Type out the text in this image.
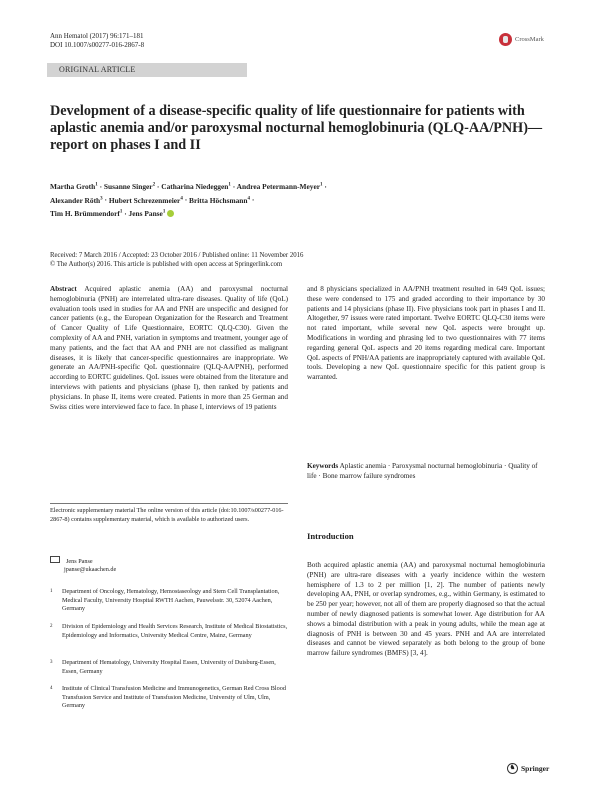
Ann Hematol (2017) 96:171–181
DOI 10.1007/s00277-016-2867-8
CrossMark
ORIGINAL ARTICLE
Development of a disease-specific quality of life questionnaire for patients with aplastic anemia and/or paroxysmal nocturnal hemoglobinuria (QLQ-AA/PNH)—report on phases I and II
Martha Groth$^1$ · Susanne Singer$^2$ · Catharina Niedeggen$^1$ · Andrea Petermann-Meyer$^1$ ·
Alexander Röth$^3$ · Hubert Schrezenmeier$^4$ · Britta Höchsmann$^4$ ·
Tim H. Brümmendorf$^1$ · Jens Panse$^1$
Received: 7 March 2016 / Accepted: 23 October 2016 / Published online: 11 November 2016
© The Author(s) 2016. This article is published with open access at Springerlink.com

Abstract Acquired aplastic anemia (AA) and paroxysmal nocturnal hemoglobinuria (PNH) are interrelated ultra-rare diseases. Quality of life (QoL) evaluation tools used in studies for AA and PNH are unspecific and designed for cancer patients (e.g., the European Organization for the Research and Treatment of Cancer Quality of Life Questionnaire, EORTC QLQ-C30). Given the complexity of AA and PNH, variation in symptoms and treatment, younger age of many patients, and the fact that AA and PNH are not classified as malignant diseases, it is likely that cancer-specific questionnaires are inappropriate. We generate an AA/PNH-specific QoL questionnaire (QLQ-AA/PNH), performed according to EORTC guidelines. QoL issues were obtained from the literature and interviews with patients and physicians (phase I), then ranked by patients and physicians. In phase II, items were created. Patients in more than 25 German and Swiss cities were interviewed face to face. In phase I, interviews of 19 patients

and 8 physicians specialized in AA/PNH treatment resulted in 649 QoL issues; these were condensed to 175 and graded according to their importance by 30 patients and 14 physicians (phase II). Five physicians took part in phases I and II. Altogether, 97 issues were rated important. Twelve EORTC QLQ-C30 items were not rated important, while several new QoL aspects were brought up. Modifications in wording and phrasing led to two questionnaires with 77 items regarding general QoL aspects and 20 items regarding medical care. Important QoL aspects of PNH/AA patients are inappropriately captured with available QoL tools. Developing a new QoL questionnaire specific for this patient group is warranted.

Keywords Aplastic anemia · Paroxysmal nocturnal hemoglobinuria · Quality of life · Bone marrow failure syndromes
Electronic supplementary material The online version of this article (doi:10.1007/s00277-016-2867-8) contains supplementary material, which is available to authorized users.
Jens Panse
jpanse@ukaachen.de
1	Department of Oncology, Hematology, Hemostaseology and Stem Cell Transplantation, Medical Faculty, University Hospital RWTH Aachen, Pauwelsstr. 30, 52074 Aachen, Germany
2	Division of Epidemiology and Health Services Research, Institute of Medical Biostatistics, Epidemiology and Informatics, University Medical Centre, Mainz, Germany
3	Department of Hematology, University Hospital Essen, University of Duisburg-Essen, Essen, Germany
4	Institute of Clinical Transfusion Medicine and Immunogenetics, German Red Cross Blood Transfusion Service and Institute of Transfusion Medicine, University of Ulm, Ulm, Germany
Introduction
Both acquired aplastic anemia (AA) and paroxysmal nocturnal hemoglobinuria (PNH) are ultra-rare diseases with a yearly incidence within the western hemisphere of 1.3 to 2 per million [1, 2]. The number of patients newly developing AA, PNH, or overlap syndromes, e.g., within Germany, is estimated to be 250 per year; however, not all of them are properly diagnosed so that the actual number of newly diagnosed patients is somewhat lower. Age distribution for AA shows a bimodal distribution with a peak in young adults, while the mean age at diagnosis of PNH is between 30 and 45 years. PNH and AA are interrelated diseases and cannot be viewed separately as both belong to the group of bone marrow failure syndromes (BMFS) [3, 4].
♞ Springer
